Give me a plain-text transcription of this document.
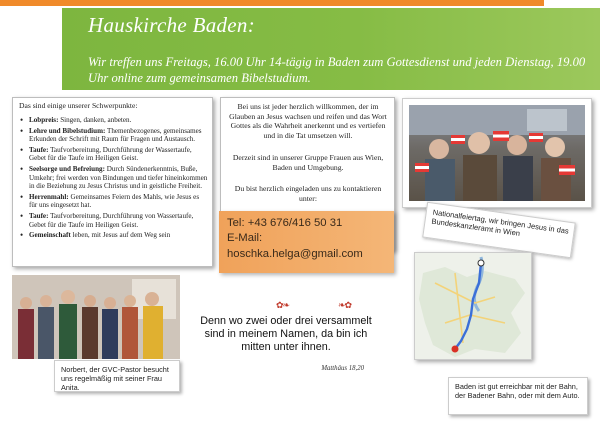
Hauskirche Baden:
Wir treffen uns Freitags, 16.00 Uhr 14-tägig in Baden zum Gottesdienst und jeden Dienstag, 19.00 Uhr online zum gemeinsamen Bibelstudium.
Das sind einige unserer Schwerpunkte:
• Lobpreis: Singen, danken, anbeten.
• Lehre und Bibelstudium: Themenbezogenes, gemeinsames Erkunden der Schrift mit Raum für Fragen und Austausch.
• Taufe: Taufvorbereitung, Durchführung der Wassertaufe, Gebet für die Taufe im Heiligen Geist.
• Seelsorge und Befreiung: Durch Sündenerkenntnis, Buße, Umkehr; frei werden von Bindungen und tiefer hineinkommen in die Beziehung zu Jesus Christus und in geistliche Freiheit.
• Herrenmahl: Gemeinsames Feiern des Mahls, wie Jesus es für uns eingesetzt hat.
• Taufe: Taufvorbereitung, Durchführung von Wassertaufe, Gebet für die Taufe im Heiligen Geist.
• Gemeinschaft leben, mit Jesus auf dem Weg sein

Bei uns ist jeder herzlich willkommen, der im Glauben an Jesus wachsen und reifen und das Wort Gottes als die Wahrheit anerkennt und es vertiefen und in die Tat umsetzen will.

Derzeit sind in unserer Gruppe Frauen aus Wien, Baden und Umgebung.

Du bist herzlich eingeladen uns zu kontaktieren unter:

Tel: +43 676/416 50 31
E-Mail:
hoschka.helga@gmail.com
Nationalfeiertag, wir bringen Jesus in das Bundeskanzleramt in Wien
Norbert, der GVC-Pastor besucht uns regelmäßig mit seiner Frau Anita.
✿❧	❧✿
Denn wo zwei oder drei versammelt sind in meinem Namen, da bin ich mitten unter ihnen.
Matthäus 18,20
Baden ist gut erreichbar mit der Bahn, der Badener Bahn, oder mit dem Auto.
